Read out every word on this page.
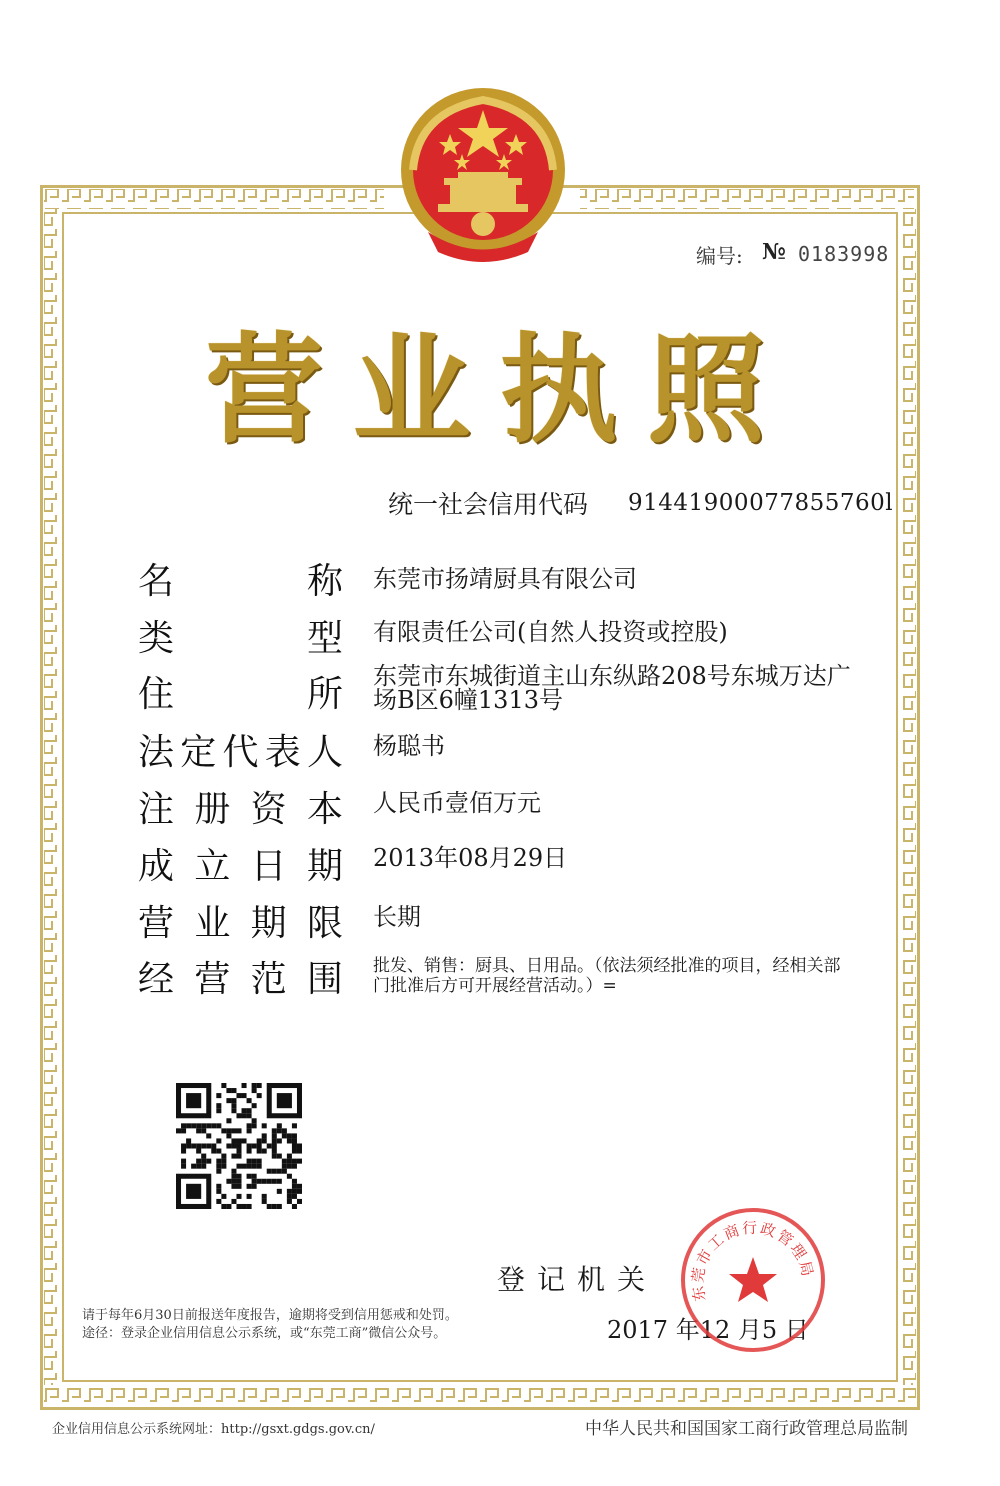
编号: № 0183998
营 业 执 照
统一社会信用代码 91441900077855760l
名	称 东莞市扬靖厨具有限公司
类	型 有限责任公司(自然人投资或控股)
住	所 东莞市东城街道主山东纵路208号东城万达广
场B区6幢1313号
法 定 代 表 人 杨聪书
注 册 资 本 人民币壹佰万元
成 立 日 期 2013年08月29日
营 业 期 限 长期
经 营 范 围 批发、销售：厨具、日用品。（依法须经批准的项目，经相关部
门批准后方可开展经营活动。）=
登记机关
请于每年6月30日前报送年度报告，逾期将受到信用惩戒和处罚。
途径：登录企业信用信息公示系统，或“东莞工商”微信公众号。	2017 年12 月5 日
东莞市工商行政管理局
企业信用信息公示系统网址：http://gsxt.gdgs.gov.cn/	中华人民共和国国家工商行政管理总局监制
